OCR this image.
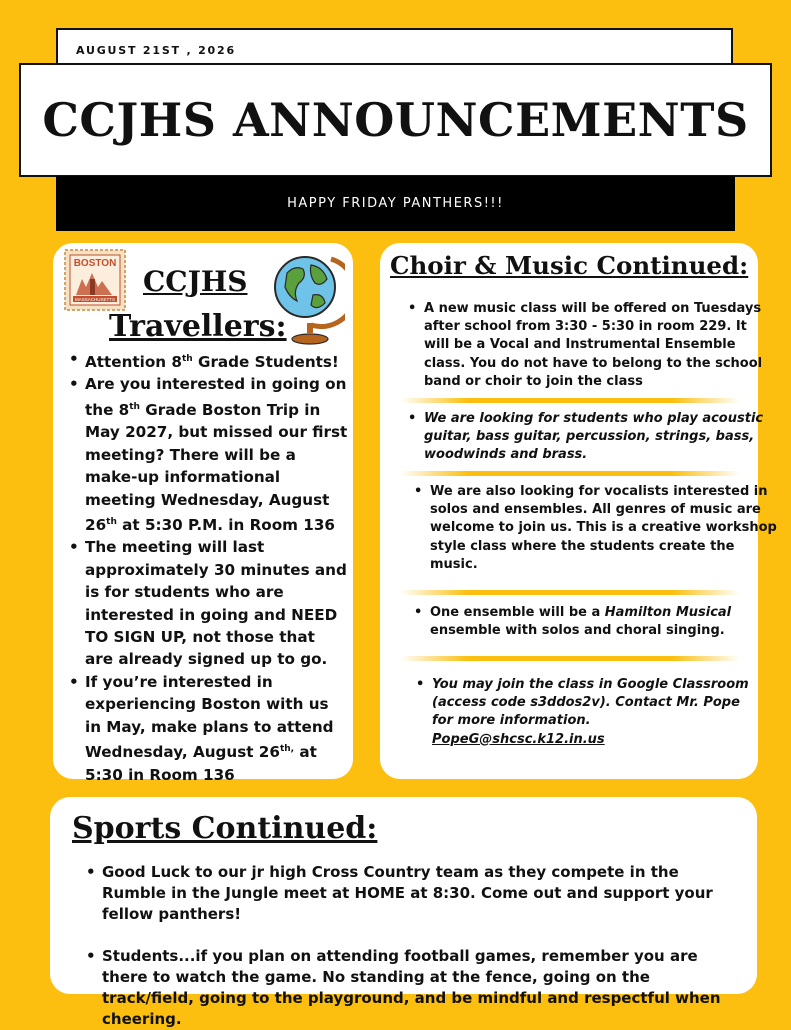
AUGUST 21ST , 2026
CCJHS ANNOUNCEMENTS
HAPPY FRIDAY PANTHERS!!!
BOSTON
MASSACHUSETTS
CCJHS
Travellers:
• Attention 8th Grade Students!
• Are you interested in going on the 8th Grade Boston Trip in May 2027, but missed our first meeting? There will be a make-up informational meeting Wednesday, August 26th at 5:30 P.M. in Room 136
• The meeting will last approximately 30 minutes and is for students who are interested in going and NEED TO SIGN UP, not those that are already signed up to go.
• If you’re interested in experiencing Boston with us in May, make plans to attend Wednesday, August $26^{th,}$ at 5:30 in Room 136
Choir & Music Continued:
• A new music class will be offered on Tuesdays after school from 3:30 - 5:30 in room 229. It will be a Vocal and Instrumental Ensemble class. You do not have to belong to the school band or choir to join the class
• We are looking for students who play acoustic guitar, bass guitar, percussion, strings, bass, woodwinds and brass.
• We are also looking for vocalists interested in solos and ensembles. All genres of music are welcome to join us. This is a creative workshop style class where the students create the music.
• One ensemble will be a Hamilton Musical ensemble with solos and choral singing.
• You may join the class in Google Classroom (access code s3ddos2v). Contact Mr. Pope for more information.
PopeG@shcsc.k12.in.us
Sports Continued:
• Good Luck to our jr high Cross Country team as they compete in the Rumble in the Jungle meet at HOME at 8:30. Come out and support your fellow panthers!
• Students...if you plan on attending football games, remember you are there to watch the game. No standing at the fence, going on the track/field, going to the playground, and be mindful and respectful when cheering.
